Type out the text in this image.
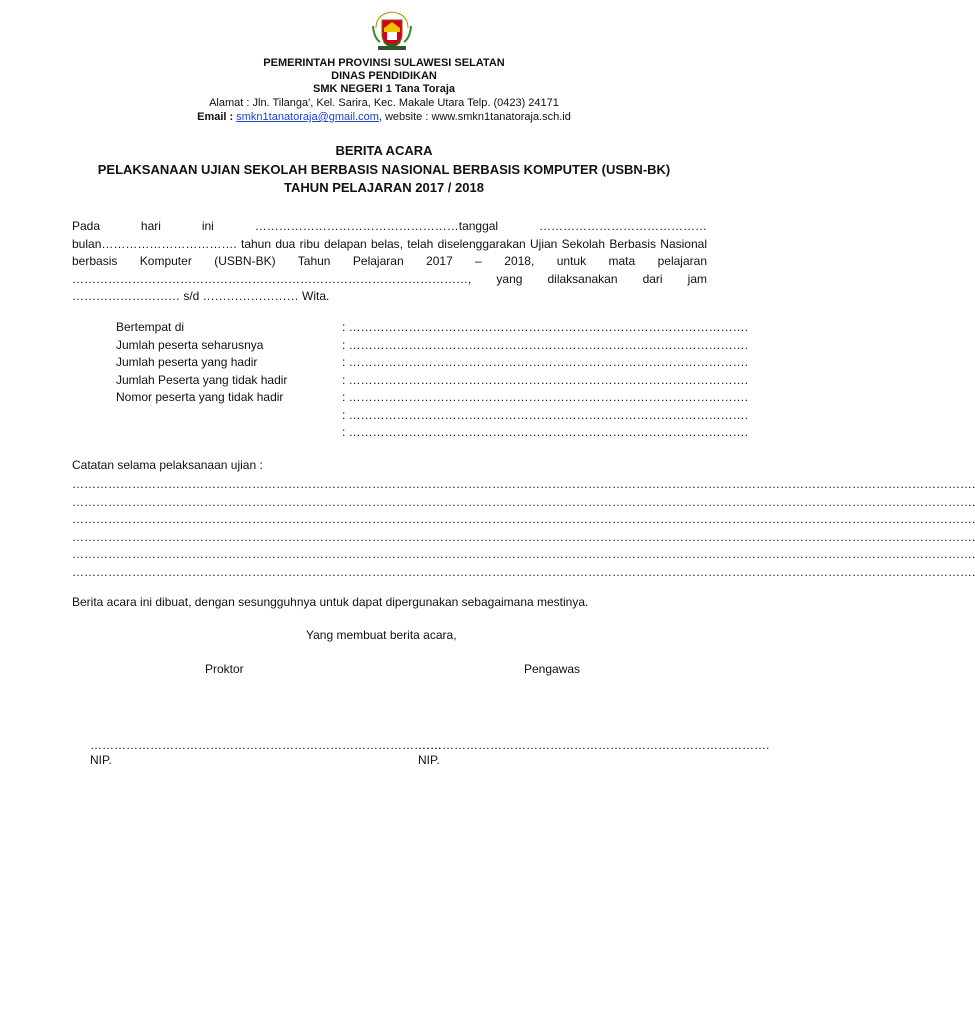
PEMERINTAH PROVINSI SULAWESI SELATAN
DINAS PENDIDIKAN
SMK NEGERI 1 Tana Toraja
Alamat : Jln. Tilanga', Kel. Sarira, Kec. Makale Utara Telp. (0423) 24171
Email : smkn1tanatoraja@gmail.com, website : www.smkn1tanatoraja.sch.id
BERITA ACARA
PELAKSANAAN UJIAN SEKOLAH BERBASIS NASIONAL BERBASIS KOMPUTER (USBN-BK)
TAHUN PELAJARAN 2017 / 2018
Pada hari ini ……………………………………………tanggal ……………………………………bulan……………………………. tahun dua ribu delapan belas, telah diselenggarakan Ujian Sekolah Berbasis Nasional berbasis Komputer (USBN-BK) Tahun Pelajaran 2017 – 2018, untuk mata pelajaran ………………………………………………………………………………………, yang dilaksanakan dari jam ……………………… s/d …………………… Wita.
Bertempat di	: ……………………………………………………………………………………….
Jumlah peserta seharusnya	: ……………………………………………………………………………………….
Jumlah peserta yang hadir	: ……………………………………………………………………………………….
Jumlah Peserta yang tidak hadir	: ……………………………………………………………………………………….
Nomor peserta yang tidak hadir	: ……………………………………………………………………………………….
: ……………………………………………………………………………………….
: ……………………………………………………………………………………….
Catatan selama pelaksanaan ujian :
……………………………………………………………………………………………………………………………………………………………………………………………………….
……………………………………………………………………………………………………………………………………………………………………………………………………….
……………………………………………………………………………………………………………………………………………………………………………………………………….
……………………………………………………………………………………………………………………………………………………………………………………………………….
……………………………………………………………………………………………………………………………………………………………………………………………………….
……………………………………………………………………………………………………………………………………………………………………………………………………….
Berita acara ini dibuat, dengan sesungguhnya untuk dapat dipergunakan sebagaimana mestinya.
Yang membuat berita acara,
Proktor	Pengawas
…………………………………………………………………………….
…………………………………………………………………………….
NIP.	NIP.
